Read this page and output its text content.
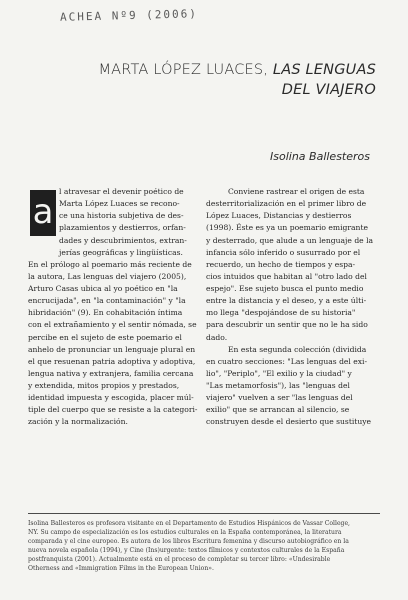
ACHEA Nº9 (2006)
MARTA LÓPEZ LUACES, LAS LENGUAS
DEL VIAJERO
Isolina Ballesteros
a
l atravesar el devenir poético de
Marta López Luaces se recono-
ce una historia subjetiva de des-
plazamientos y destierros, orfan-
dades y descubrimientos, extran-
jerías geográficas y lingüísticas.
En el prólogo al poemario más reciente de
la autora, Las lenguas del viajero (2005),
Arturo Casas ubica al yo poético en "la
encrucijada", en "la contaminación" y "la
hibridación" (9). En cohabitación íntima
con el extrañamiento y el sentir nómada, se
percibe en el sujeto de este poemario el
anhelo de pronunciar un lenguaje plural en
el que resuenan patria adoptiva y adoptiva,
lengua nativa y extranjera, familia cercana
y extendida, mitos propios y prestados,
identidad impuesta y escogida, placer múl-
tiple del cuerpo que se resiste a la categori-
zación y la normalización.
Conviene rastrear el origen de esta
desterritorialización en el primer libro de
López Luaces, Distancias y destierros
(1998). Éste es ya un poemario emigrante
y desterrado, que alude a un lenguaje de la
infancia sólo inferido o susurrado por el
recuerdo, un hecho de tiempos y espa-
cios intuidos que habitan al "otro lado del
espejo". Ese sujeto busca el punto medio
entre la distancia y el deseo, y a este últi-
mo llega "despojándose de su historia"
para descubrir un sentir que no le ha sido
dado.
En esta segunda colección (dividida
en cuatro secciones: "Las lenguas del exi-
lio", "Periplo", "El exilio y la ciudad" y
"Las metamorfosis"), las "lenguas del
viajero" vuelven a ser "las lenguas del
exilio" que se arrancan al silencio, se
construyen desde el desierto que sustituye
Isolina Ballesteros es profesora visitante en el Departamento de Estudios Hispánicos de Vassar College,
NY. Su campo de especialización es los estudios culturales en la España contemporánea, la literatura
comparada y el cine europeo. Es autora de los libros Escritura femenina y discurso autobiográfico en la
nueva novela española (1994), y Cine (Ins)urgente: textos fílmicos y contextos culturales de la España
postfranquista (2001). Actualmente está en el proceso de completar su tercer libro: «Undesirable
Otherness and «Immigration Films in the European Union».
